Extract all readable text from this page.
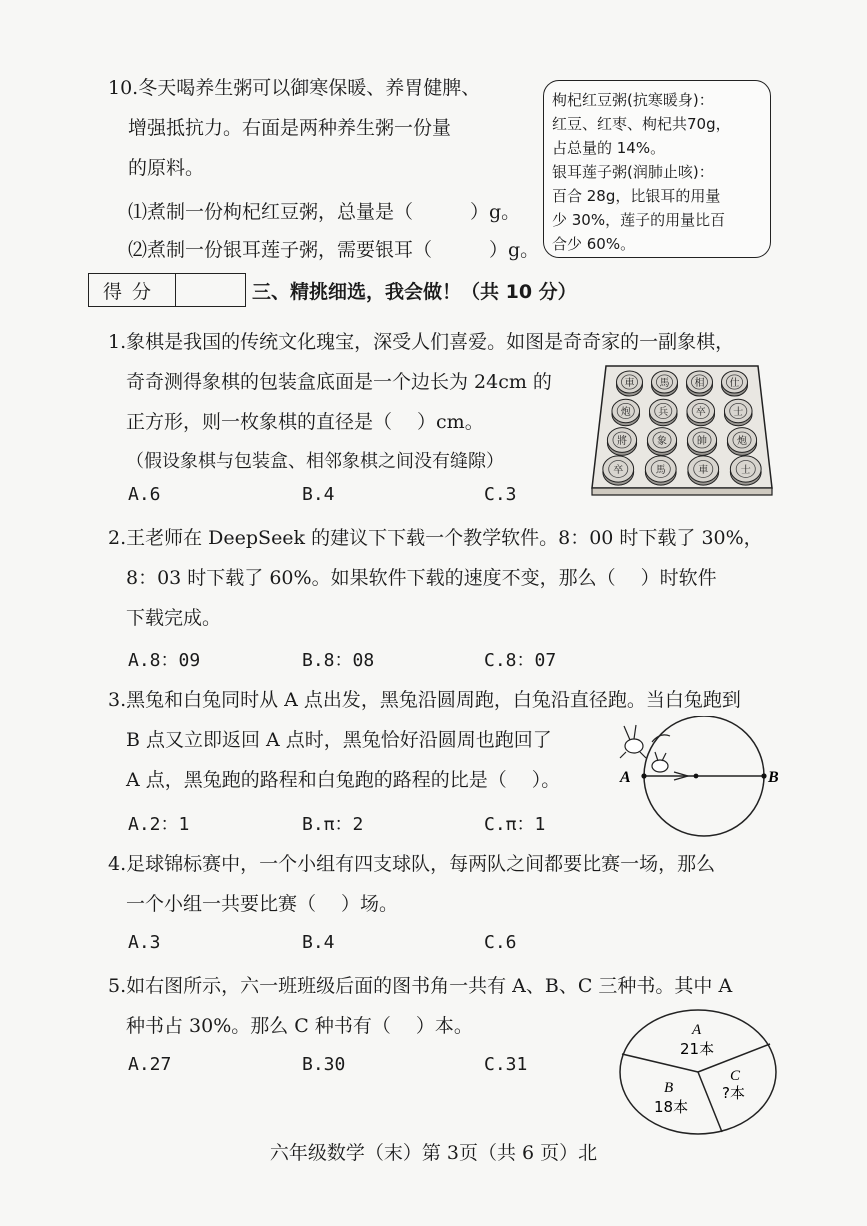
10.冬天喝养生粥可以御寒保暖、养胃健脾、
增强抵抗力。右面是两种养生粥一份量
的原料。
⑴煮制一份枸杞红豆粥，总量是（　　　）g。
⑵煮制一份银耳莲子粥，需要银耳（　　　）g。
枸杞红豆粥(抗寒暖身)：
红豆、红枣、枸杞共70g，
占总量的 14%。
银耳莲子粥(润肺止咳)：
百合 28g，比银耳的用量
少 30%，莲子的用量比百
合少 60%。
得分	三、精挑细选，我会做！（共 10 分）
1.象棋是我国的传统文化瑰宝，深受人们喜爱。如图是奇奇家的一副象棋，
奇奇测得象棋的包装盒底面是一个边长为 24cm 的
正方形，则一枚象棋的直径是（　 ）cm。
（假设象棋与包装盒、相邻象棋之间没有缝隙）
A.6	B.4	C.3
車	馬	相	仕
炮	兵	卒	士
將	象	帥	炮
卒	馬	車	士
2.王老师在 DeepSeek 的建议下下载一个教学软件。8：00 时下载了 30%，
8：03 时下载了 60%。如果软件下载的速度不变，那么（　 ）时软件
下载完成。
A.8：09	B.8：08	C.8：07
3.黑兔和白兔同时从 A 点出发，黑兔沿圆周跑，白兔沿直径跑。当白兔跑到
B 点又立即返回 A 点时，黑兔恰好沿圆周也跑回了
A 点，黑兔跑的路程和白兔跑的路程的比是（　 ）。
A.2：1	B.π：2	C.π：1
A	B
4.足球锦标赛中，一个小组有四支球队，每两队之间都要比赛一场，那么
一个小组一共要比赛（　 ）场。
A.3	B.4	C.6
5.如右图所示，六一班班级后面的图书角一共有 A、B、C 三种书。其中 A
种书占 30%。那么 C 种书有（　 ）本。
A.27	B.30	C.31
A
21本
B
18本
C
?本
六年级数学（末）第 3页（共 6 页）北
